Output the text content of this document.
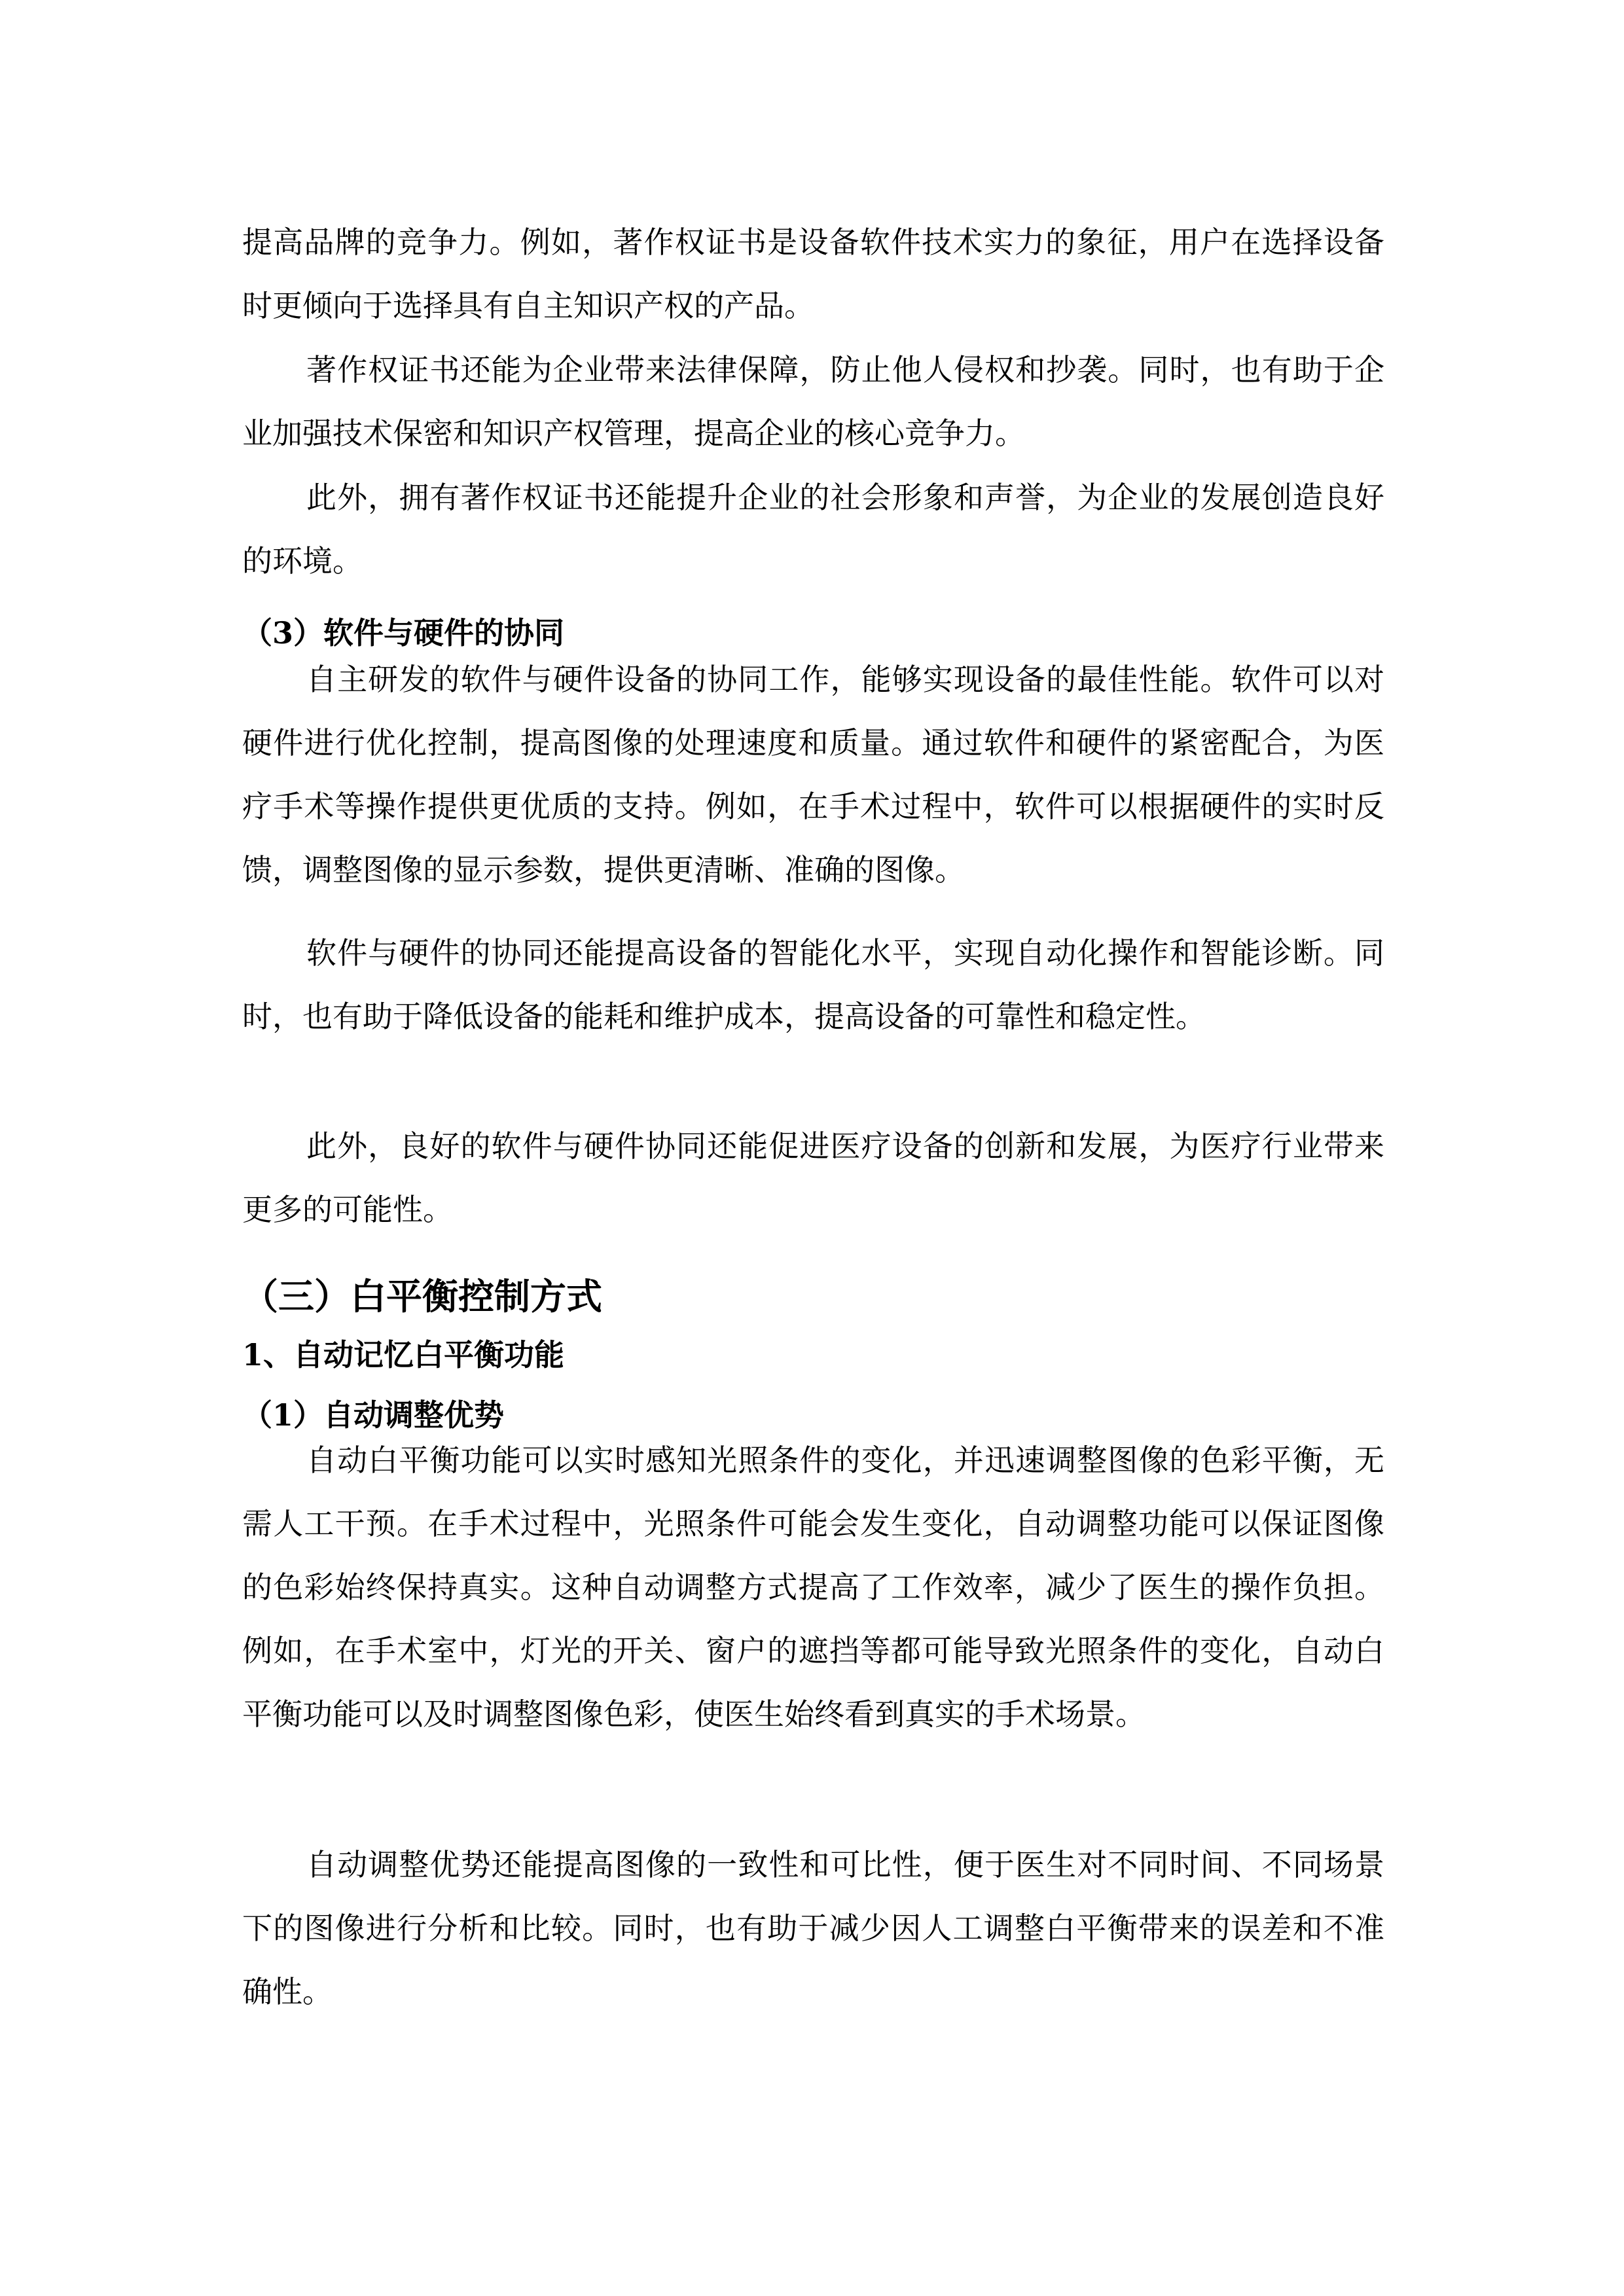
提高品牌的竞争力。例如，著作权证书是设备软件技术实力的象征，用户在选择设备时更倾向于选择具有自主知识产权的产品。

著作权证书还能为企业带来法律保障，防止他人侵权和抄袭。同时，也有助于企业加强技术保密和知识产权管理，提高企业的核心竞争力。

此外，拥有著作权证书还能提升企业的社会形象和声誉，为企业的发展创造良好的环境。

（3）软件与硬件的协同

自主研发的软件与硬件设备的协同工作，能够实现设备的最佳性能。软件可以对硬件进行优化控制，提高图像的处理速度和质量。通过软件和硬件的紧密配合，为医疗手术等操作提供更优质的支持。例如，在手术过程中，软件可以根据硬件的实时反馈，调整图像的显示参数，提供更清晰、准确的图像。

软件与硬件的协同还能提高设备的智能化水平，实现自动化操作和智能诊断。同时，也有助于降低设备的能耗和维护成本，提高设备的可靠性和稳定性。

此外，良好的软件与硬件协同还能促进医疗设备的创新和发展，为医疗行业带来更多的可能性。

（三）白平衡控制方式
1、自动记忆白平衡功能
（1）自动调整优势

自动白平衡功能可以实时感知光照条件的变化，并迅速调整图像的色彩平衡，无需人工干预。在手术过程中，光照条件可能会发生变化，自动调整功能可以保证图像的色彩始终保持真实。这种自动调整方式提高了工作效率，减少了医生的操作负担。例如，在手术室中，灯光的开关、窗户的遮挡等都可能导致光照条件的变化，自动白平衡功能可以及时调整图像色彩，使医生始终看到真实的手术场景。

自动调整优势还能提高图像的一致性和可比性，便于医生对不同时间、不同场景下的图像进行分析和比较。同时，也有助于减少因人工调整白平衡带来的误差和不准确性。
